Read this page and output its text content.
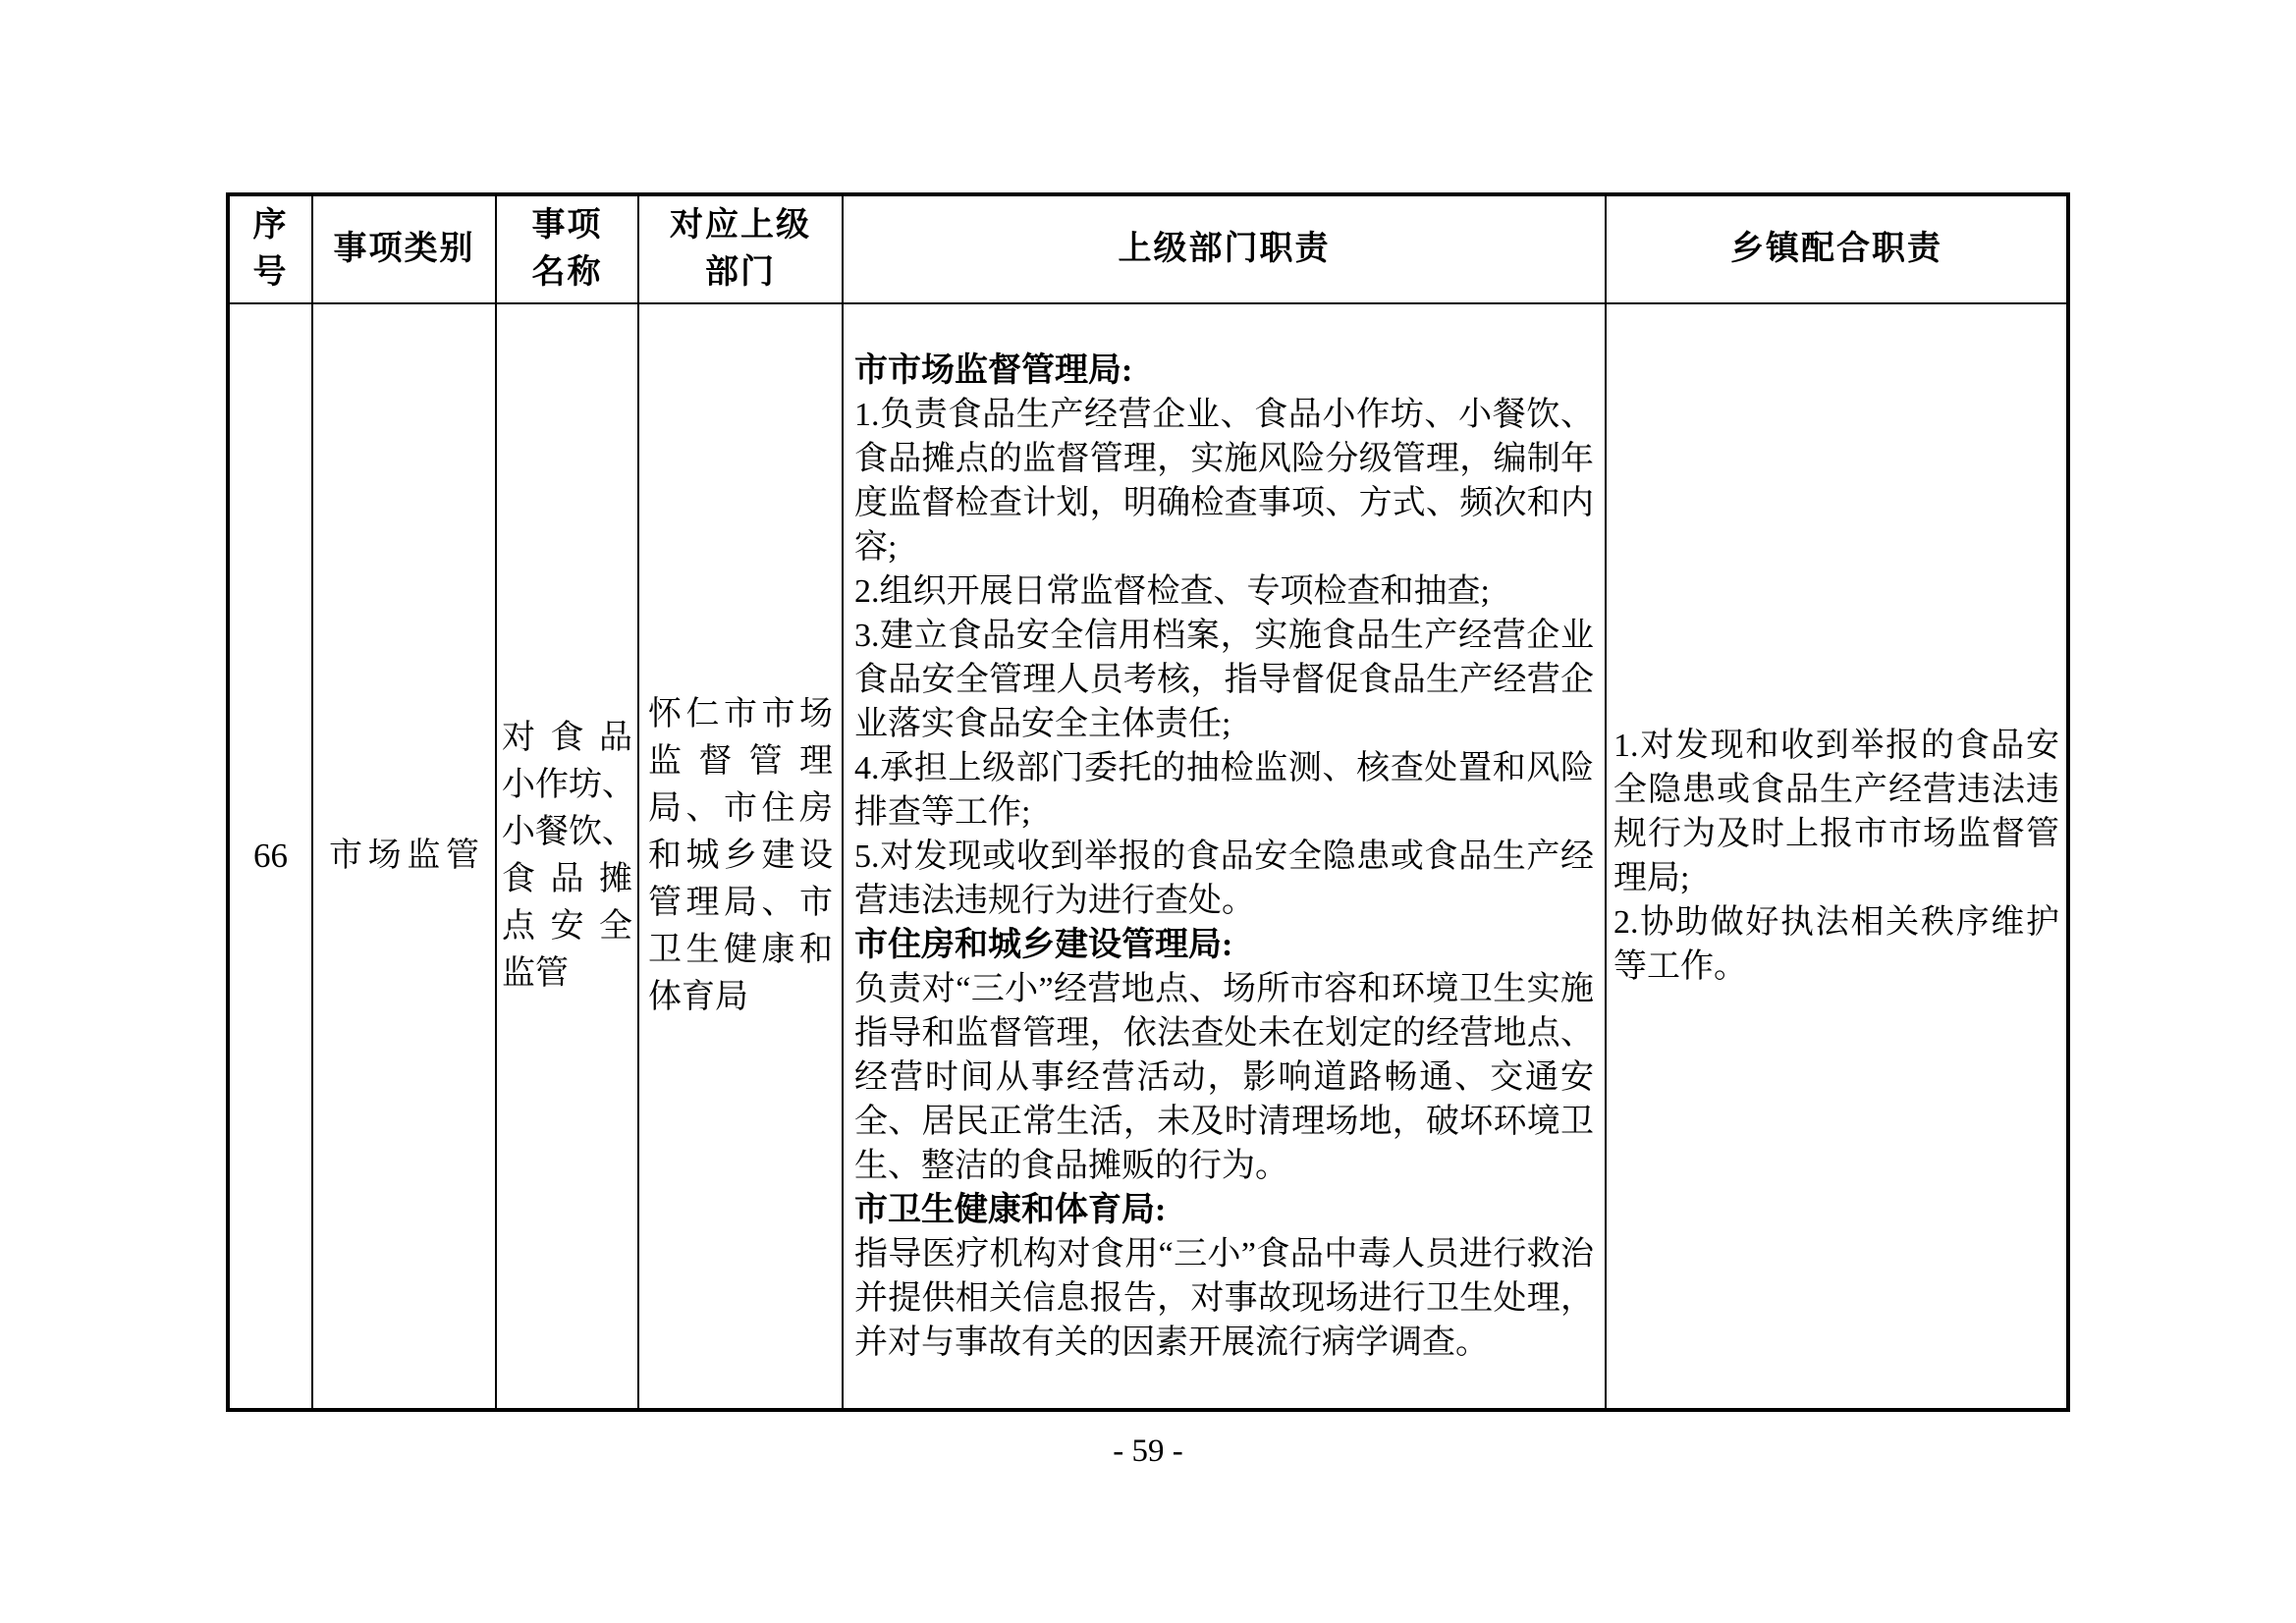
序
号
事项类别
事项
名称
对应上级
部门
上级部门职责	乡镇配合职责
66	市 场 监 管
对 食 品
小 作 坊 、
小 餐 饮 、
食 品 摊
点 安 全
监管
怀 仁 市 市 场
监 督 管 理
局 、 市 住 房
和 城 乡 建 设
管 理 局 、 市
卫 生 健 康 和
体育局
市市场监督管理局:
1.负责食品生产经营企业、食品小作坊、小餐饮、食品摊点的监督管理，实施风险分级管理，编制年度监督检查计划，明确检查事项、方式、频次和内容;
2.组织开展日常监督检查、专项检查和抽查;
3.建立食品安全信用档案，实施食品生产经营企业食品安全管理人员考核，指导督促食品生产经营企业落实食品安全主体责任;
4.承担上级部门委托的抽检监测、核查处置和风险排查等工作;
5.对发现或收到举报的食品安全隐患或食品生产经营违法违规行为进行查处。
市住房和城乡建设管理局:
负责对“三小”经营地点、场所市容和环境卫生实施指导和监督管理，依法查处未在划定的经营地点、经营时间从事经营活动，影响道路畅通、交通安全、居民正常生活，未及时清理场地，破坏环境卫生、整洁的食品摊贩的行为。
市卫生健康和体育局:
指导医疗机构对食用“三小”食品中毒人员进行救治并提供相关信息报告，对事故现场进行卫生处理，并对与事故有关的因素开展流行病学调查。
1.对发现和收到举报的食品安全隐患或食品生产经营违法违规行为及时上报市市场监督管理局;
2.协助做好执法相关秩序维护等工作。
- 59 -
